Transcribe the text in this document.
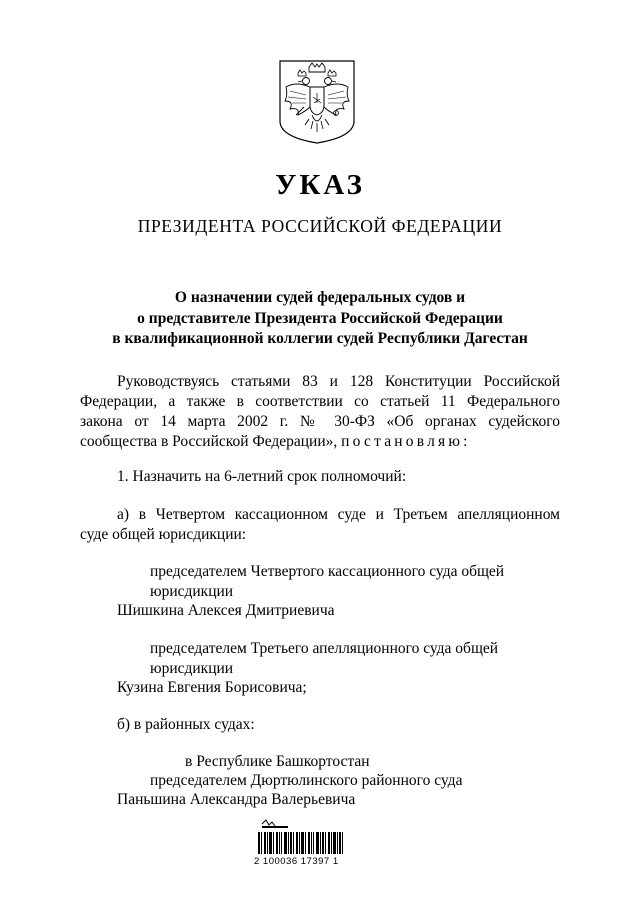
УКАЗ
ПРЕЗИДЕНТА РОССИЙСКОЙ ФЕДЕРАЦИИ
О назначении судей федеральных судов и
о представителе Президента Российской Федерации
в квалификационной коллегии судей Республики Дагестан
Руководствуясь статьями 83 и 128 Конституции Российской
Федерации, а также в соответствии со статьей 11 Федерального
закона от 14 марта 2002 г. № 30-ФЗ «Об органах судейского
сообщества в Российской Федерации», постановляю:
1. Назначить на 6-летний срок полномочий:
а) в Четвертом кассационном суде и Третьем апелляционном
суде общей юрисдикции:
председателем Четвертого кассационного суда общей
юрисдикции
Шишкина Алексея Дмитриевича
председателем Третьего апелляционного суда общей
юрисдикции
Кузина Евгения Борисовича;
б) в районных судах:
в Республике Башкортостан
председателем Дюртюлинского районного суда
Паньшина Александра Валерьевича
2 100036 17397 1
